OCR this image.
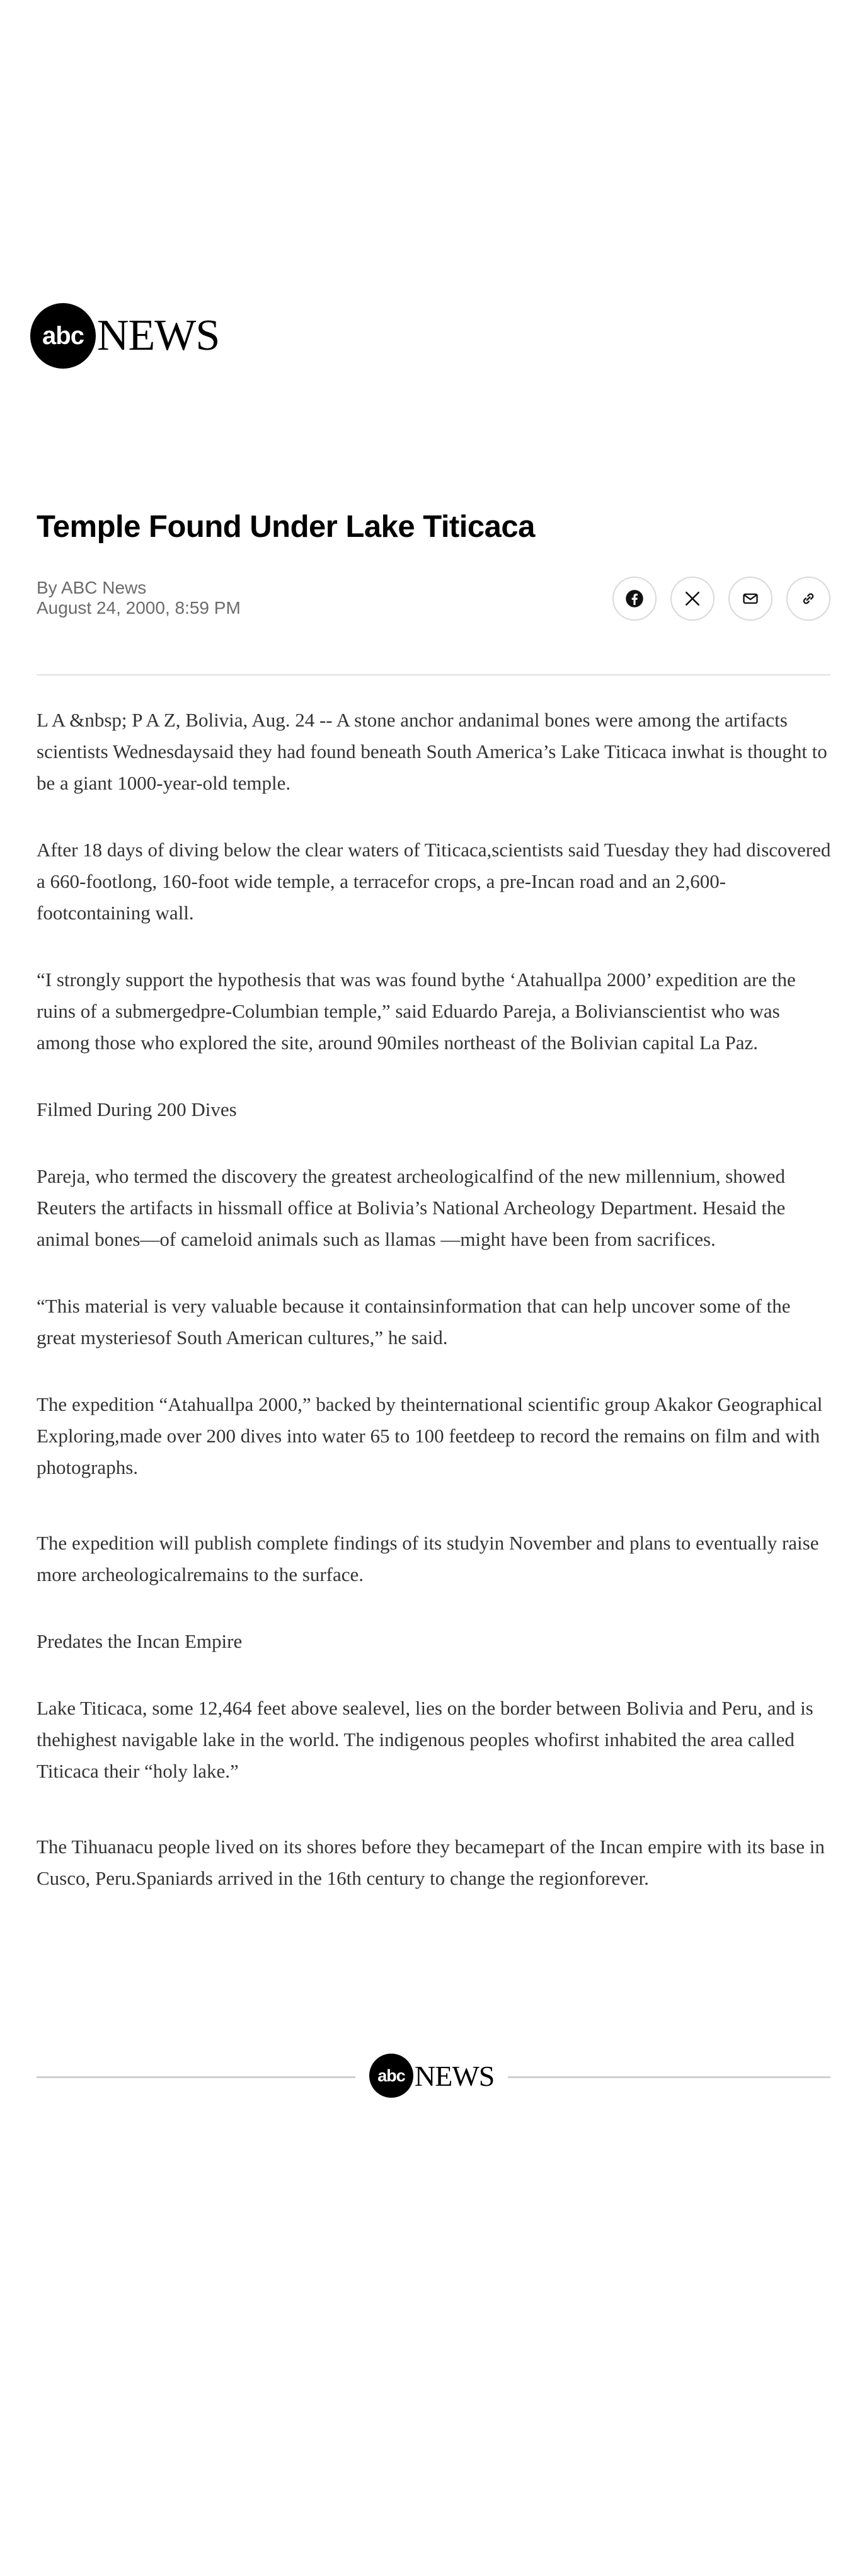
abc NEWS
Temple Found Under Lake Titicaca
By ABC News
August 24, 2000, 8:59 PM

L A &nbsp; P A Z, Bolivia, Aug. 24 -- A stone anchor andanimal bones were among the artifacts scientists Wednesdaysaid they had found beneath South America’s Lake Titicaca inwhat is thought to be a giant 1000-year-old temple.

After 18 days of diving below the clear waters of Titicaca,scientists said Tuesday they had discovered a 660-footlong, 160-foot wide temple, a terracefor crops, a pre-Incan road and an 2,600-footcontaining wall.

“I strongly support the hypothesis that was was found bythe ‘Atahuallpa 2000’ expedition are the ruins of a submergedpre-Columbian temple,” said Eduardo Pareja, a Bolivianscientist who was among those who explored the site, around 90miles northeast of the Bolivian capital La Paz.

Filmed During 200 Dives

Pareja, who termed the discovery the greatest archeologicalfind of the new millennium, showed Reuters the artifacts in hissmall office at Bolivia’s National Archeology Department. Hesaid the animal bones—of cameloid animals such as llamas —might have been from sacrifices.

“This material is very valuable because it containsinformation that can help uncover some of the great mysteriesof South American cultures,” he said.

The expedition “Atahuallpa 2000,” backed by theinternational scientific group Akakor Geographical Exploring,made over 200 dives into water 65 to 100 feetdeep to record the remains on film and with photographs.

The expedition will publish complete findings of its studyin November and plans to eventually raise more archeologicalremains to the surface.

Predates the Incan Empire

Lake Titicaca, some 12,464 feet above sealevel, lies on the border between Bolivia and Peru, and is thehighest navigable lake in the world. The indigenous peoples whofirst inhabited the area called Titicaca their “holy lake.”

The Tihuanacu people lived on its shores before they becamepart of the Incan empire with its base in Cusco, Peru.Spaniards arrived in the 16th century to change the regionforever.

abc NEWS
